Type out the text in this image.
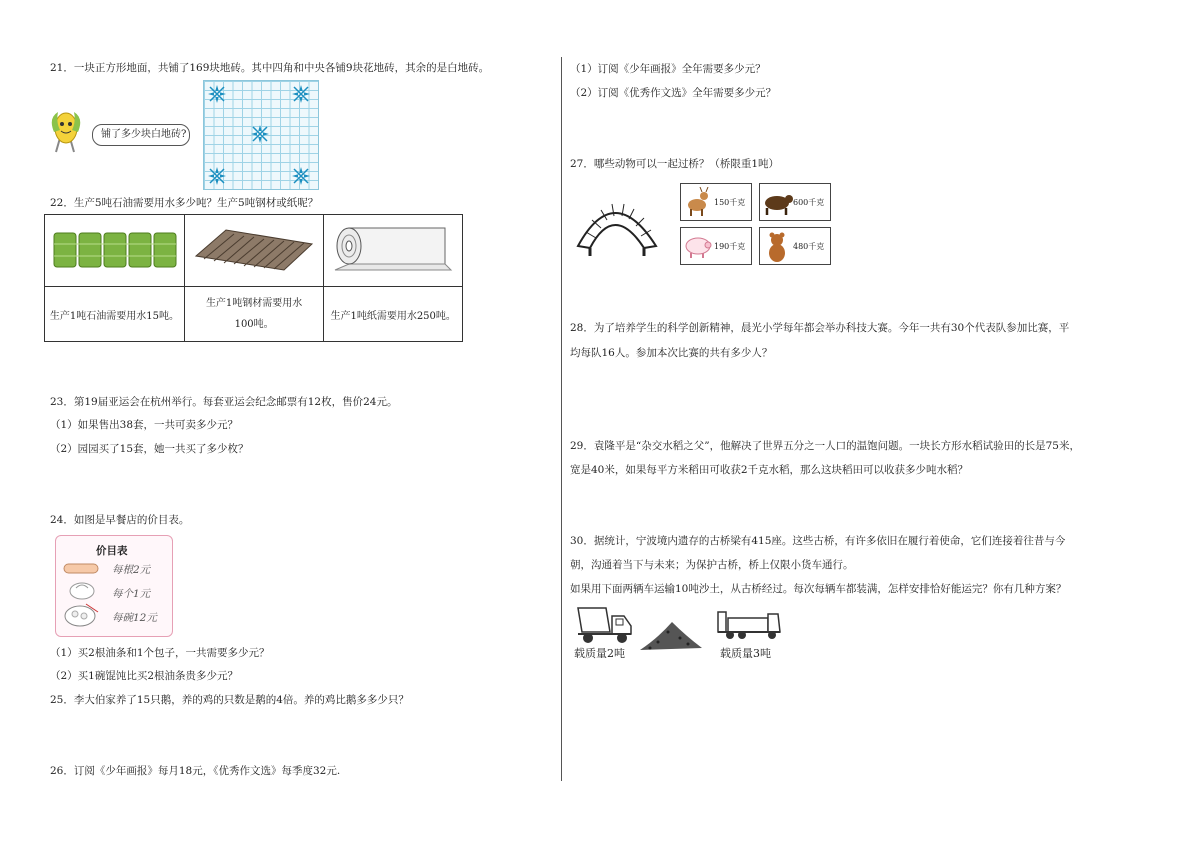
21．一块正方形地面，共铺了169块地砖。其中四角和中央各铺9块花地砖，其余的是白地砖。
铺了多少块白地砖?
22．生产5吨石油需要用水多少吨？生产5吨钢材或纸呢？

生产1吨石油需要用水15吨。	生产1吨钢材需要用水100吨。	生产1吨纸需要用水250吨。
23．第19届亚运会在杭州举行。每套亚运会纪念邮票有12枚，售价24元。
（1）如果售出38套，一共可卖多少元？
（2）园园买了15套，她一共买了多少枚？
24．如图是早餐店的价目表。
价目表
每根2元
每个1元
每碗12元
（1）买2根油条和1个包子，一共需要多少元？
（2）买1碗馄饨比买2根油条贵多少元？
25．李大伯家养了15只鹅，养的鸡的只数是鹅的4倍。养的鸡比鹅多多少只？
26．订阅《少年画报》每月18元，《优秀作文选》每季度32元.
（1）订阅《少年画报》全年需要多少元？
（2）订阅《优秀作文选》全年需要多少元？
27．哪些动物可以一起过桥？（桥限重1吨）
150千克	600千克
190千克	480千克
28．为了培养学生的科学创新精神，晨光小学每年都会举办科技大赛。今年一共有30个代表队参加比赛，平
均每队16人。参加本次比赛的共有多少人？
29．袁隆平是“杂交水稻之父”，他解决了世界五分之一人口的温饱问题。一块长方形水稻试验田的长是75米，
宽是40米，如果每平方米稻田可收获2千克水稻，那么这块稻田可以收获多少吨水稻？
30．据统计，宁波境内遗存的古桥梁有415座。这些古桥，有许多依旧在履行着使命，它们连接着往昔与今
朝，沟通着当下与未来；为保护古桥，桥上仅限小货车通行。
如果用下面两辆车运输10吨沙土，从古桥经过。每次每辆车都装满，怎样安排恰好能运完？你有几种方案？
载质量2吨	载质量3吨
